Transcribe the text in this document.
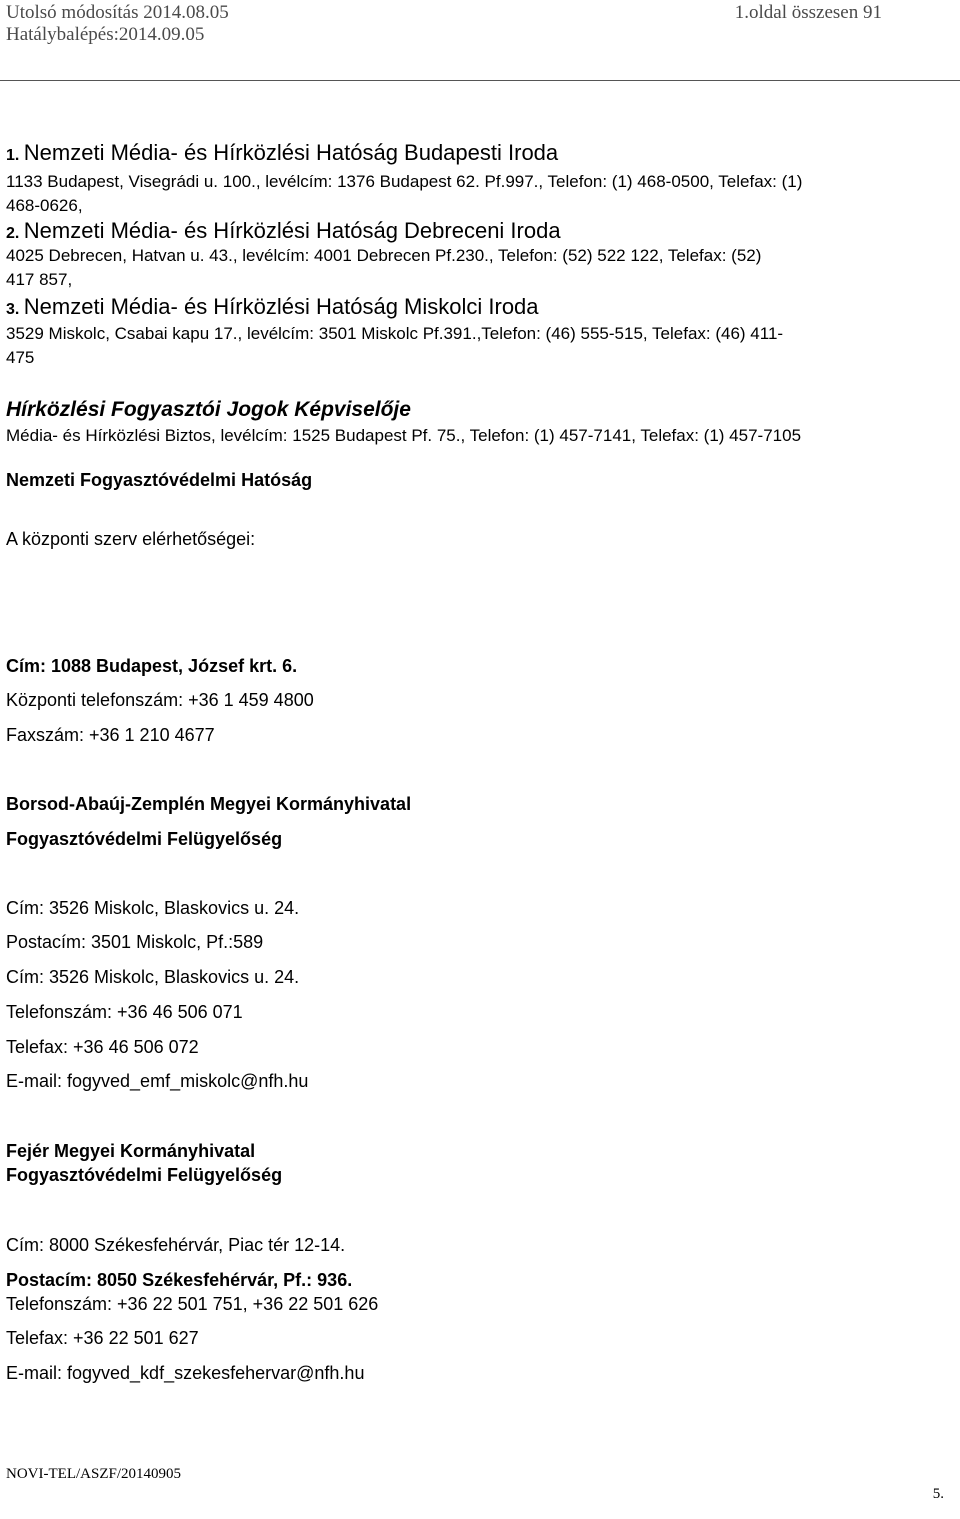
Utolsó módosítás 2014.08.05
Hatálybalépés:2014.09.05
1.oldal összesen 91
1. Nemzeti Média- és Hírközlési Hatóság Budapesti Iroda
1133 Budapest, Visegrádi u. 100., levélcím: 1376 Budapest 62. Pf.997., Telefon: (1) 468-0500, Telefax: (1)
468-0626,
2. Nemzeti Média- és Hírközlési Hatóság Debreceni Iroda
4025 Debrecen, Hatvan u. 43., levélcím: 4001 Debrecen Pf.230., Telefon: (52) 522 122, Telefax: (52)
417 857,
3. Nemzeti Média- és Hírközlési Hatóság Miskolci Iroda
3529 Miskolc, Csabai kapu 17., levélcím: 3501 Miskolc Pf.391.,Telefon: (46) 555-515, Telefax: (46) 411-
475
Hírközlési Fogyasztói Jogok Képviselője
Média- és Hírközlési Biztos, levélcím: 1525 Budapest Pf. 75., Telefon: (1) 457-7141, Telefax: (1) 457-7105
Nemzeti Fogyasztóvédelmi Hatóság
A központi szerv elérhetőségei:
Cím: 1088 Budapest, József krt. 6.
Központi telefonszám: +36 1 459 4800
Faxszám: +36 1 210 4677
Borsod-Abaúj-Zemplén Megyei Kormányhivatal
Fogyasztóvédelmi Felügyelőség
Cím: 3526 Miskolc, Blaskovics u. 24.
Postacím: 3501 Miskolc, Pf.:589
Cím: 3526 Miskolc, Blaskovics u. 24.
Telefonszám: +36 46 506 071
Telefax: +36 46 506 072
E-mail: fogyved_emf_miskolc@nfh.hu
Fejér Megyei Kormányhivatal
Fogyasztóvédelmi Felügyelőség
Cím: 8000 Székesfehérvár, Piac tér 12-14.
Postacím: 8050 Székesfehérvár, Pf.: 936.
Telefonszám: +36 22 501 751, +36 22 501 626
Telefax: +36 22 501 627
E-mail: fogyved_kdf_szekesfehervar@nfh.hu
NOVI-TEL/ASZF/20140905
5.
